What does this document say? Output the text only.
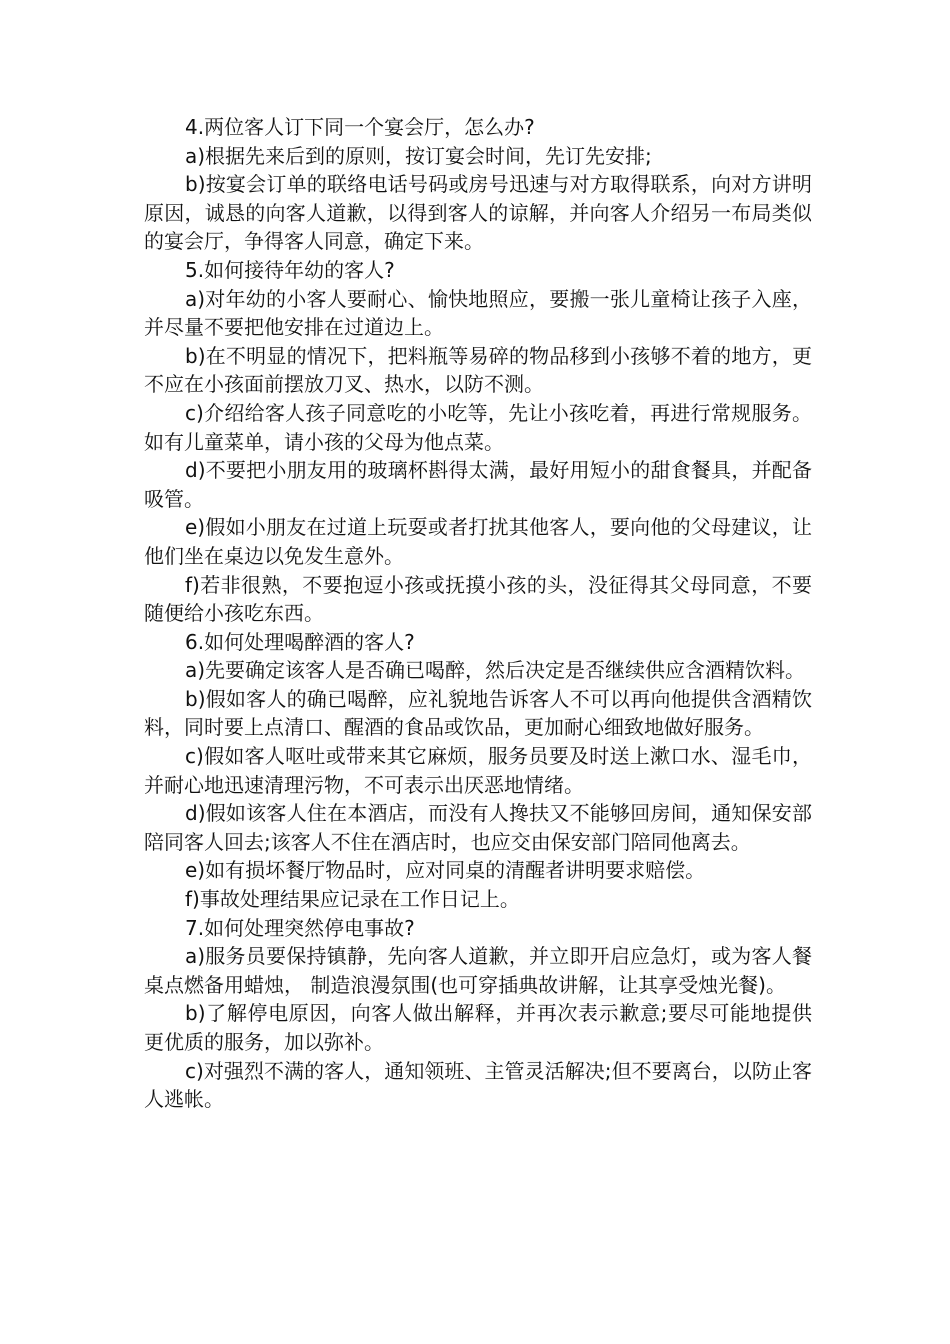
4.两位客人订下同一个宴会厅，怎么办?

a)根据先来后到的原则，按订宴会时间，先订先安排;

b)按宴会订单的联络电话号码或房号迅速与对方取得联系，向对方讲明原因，诚恳的向客人道歉，以得到客人的谅解，并向客人介绍另一布局类似的宴会厅，争得客人同意，确定下来。

5.如何接待年幼的客人?

a)对年幼的小客人要耐心、愉快地照应，要搬一张儿童椅让孩子入座，并尽量不要把他安排在过道边上。

b)在不明显的情况下，把料瓶等易碎的物品移到小孩够不着的地方，更不应在小孩面前摆放刀叉、热水，以防不测。

c)介绍给客人孩子同意吃的小吃等，先让小孩吃着，再进行常规服务。如有儿童菜单，请小孩的父母为他点菜。

d)不要把小朋友用的玻璃杯斟得太满，最好用短小的甜食餐具，并配备吸管。

e)假如小朋友在过道上玩耍或者打扰其他客人，要向他的父母建议，让他们坐在桌边以免发生意外。

f)若非很熟，不要抱逗小孩或抚摸小孩的头，没征得其父母同意，不要随便给小孩吃东西。

6.如何处理喝醉酒的客人?

a)先要确定该客人是否确已喝醉，然后决定是否继续供应含酒精饮料。

b)假如客人的确已喝醉，应礼貌地告诉客人不可以再向他提供含酒精饮料，同时要上点清口、醒酒的食品或饮品，更加耐心细致地做好服务。

c)假如客人呕吐或带来其它麻烦，服务员要及时送上漱口水、湿毛巾，并耐心地迅速清理污物，不可表示出厌恶地情绪。

d)假如该客人住在本酒店，而没有人搀扶又不能够回房间，通知保安部陪同客人回去;该客人不住在酒店时，也应交由保安部门陪同他离去。

e)如有损坏餐厅物品时，应对同桌的清醒者讲明要求赔偿。

f)事故处理结果应记录在工作日记上。

7.如何处理突然停电事故?

a)服务员要保持镇静，先向客人道歉，并立即开启应急灯，或为客人餐桌点燃备用蜡烛， 制造浪漫氛围(也可穿插典故讲解，让其享受烛光餐)。

b)了解停电原因，向客人做出解释，并再次表示歉意;要尽可能地提供更优质的服务，加以弥补。

c)对强烈不满的客人，通知领班、主管灵活解决;但不要离台，以防止客人逃帐。
